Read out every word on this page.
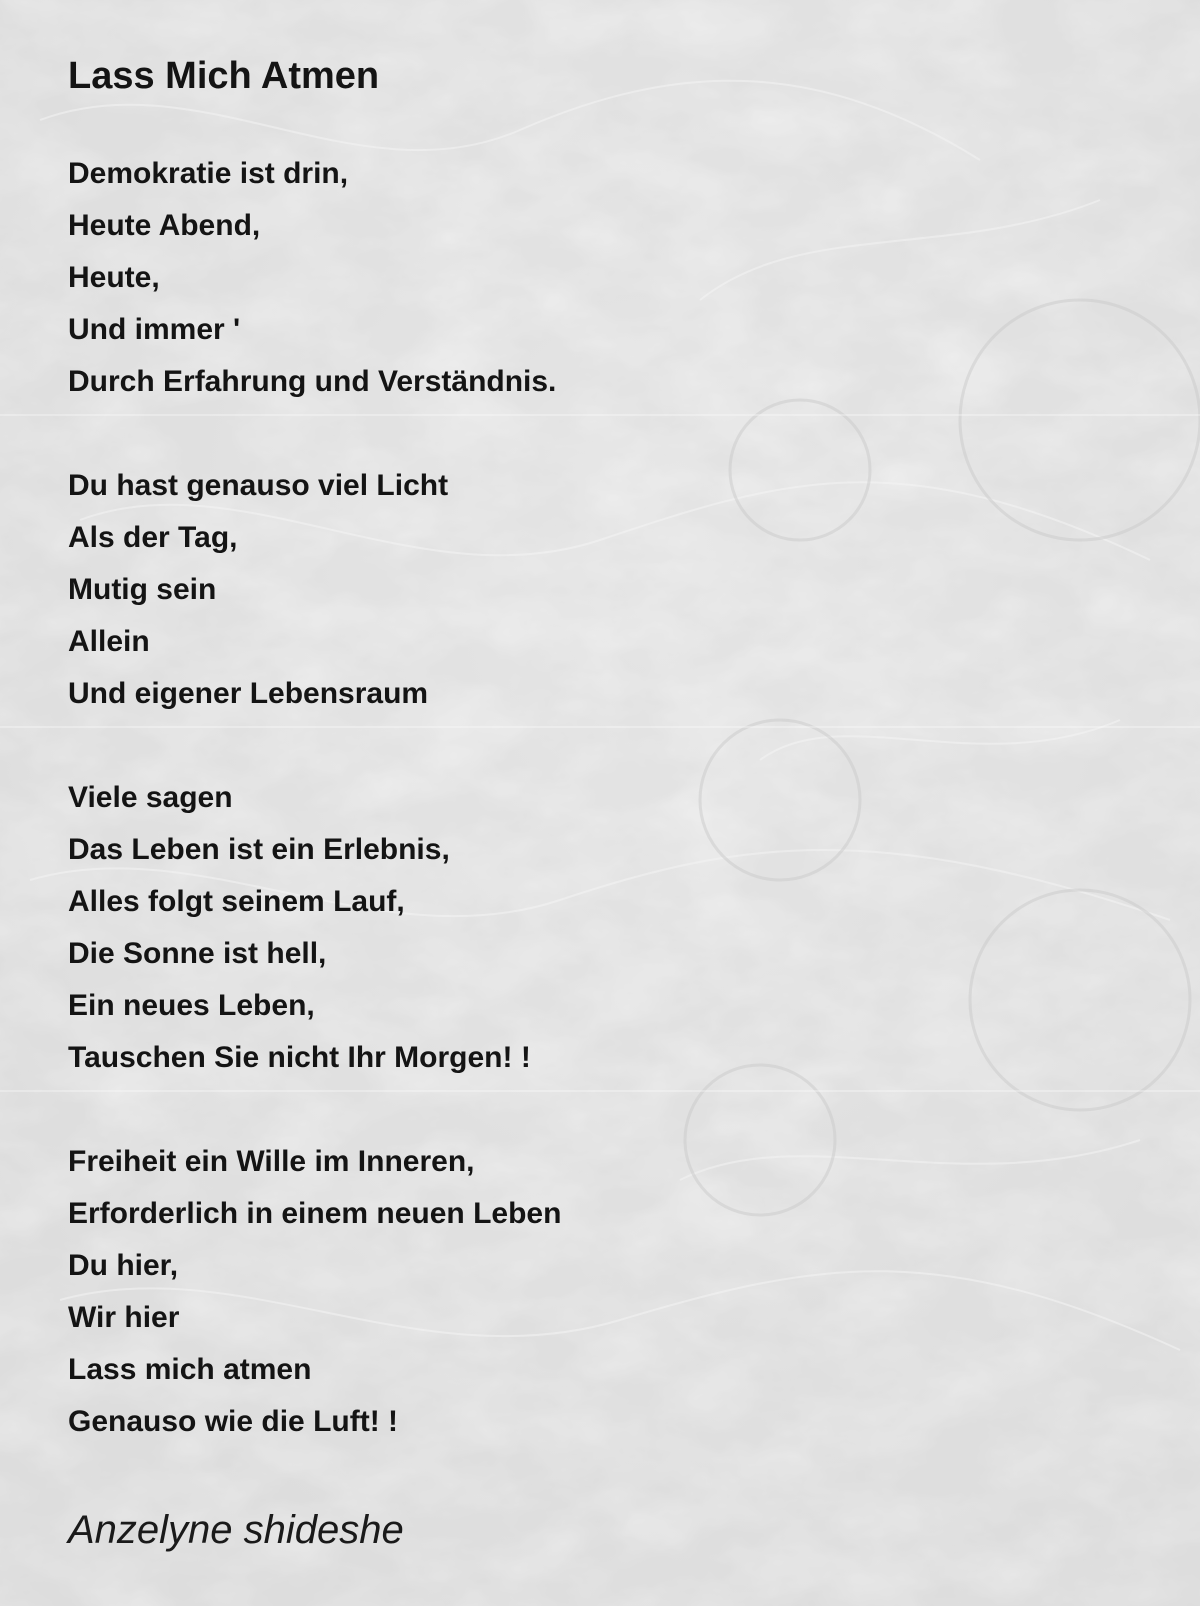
Lass Mich Atmen
Demokratie ist drin,
Heute Abend,
Heute,
Und immer '
Durch Erfahrung und Verständnis.
Du hast genauso viel Licht
Als der Tag,
Mutig sein
Allein
Und eigener Lebensraum
Viele sagen
Das Leben ist ein Erlebnis,
Alles folgt seinem Lauf,
Die Sonne ist hell,
Ein neues Leben,
Tauschen Sie nicht Ihr Morgen! !
Freiheit ein Wille im Inneren,
Erforderlich in einem neuen Leben
Du hier,
Wir hier
Lass mich atmen
Genauso wie die Luft! !
Anzelyne shideshe
